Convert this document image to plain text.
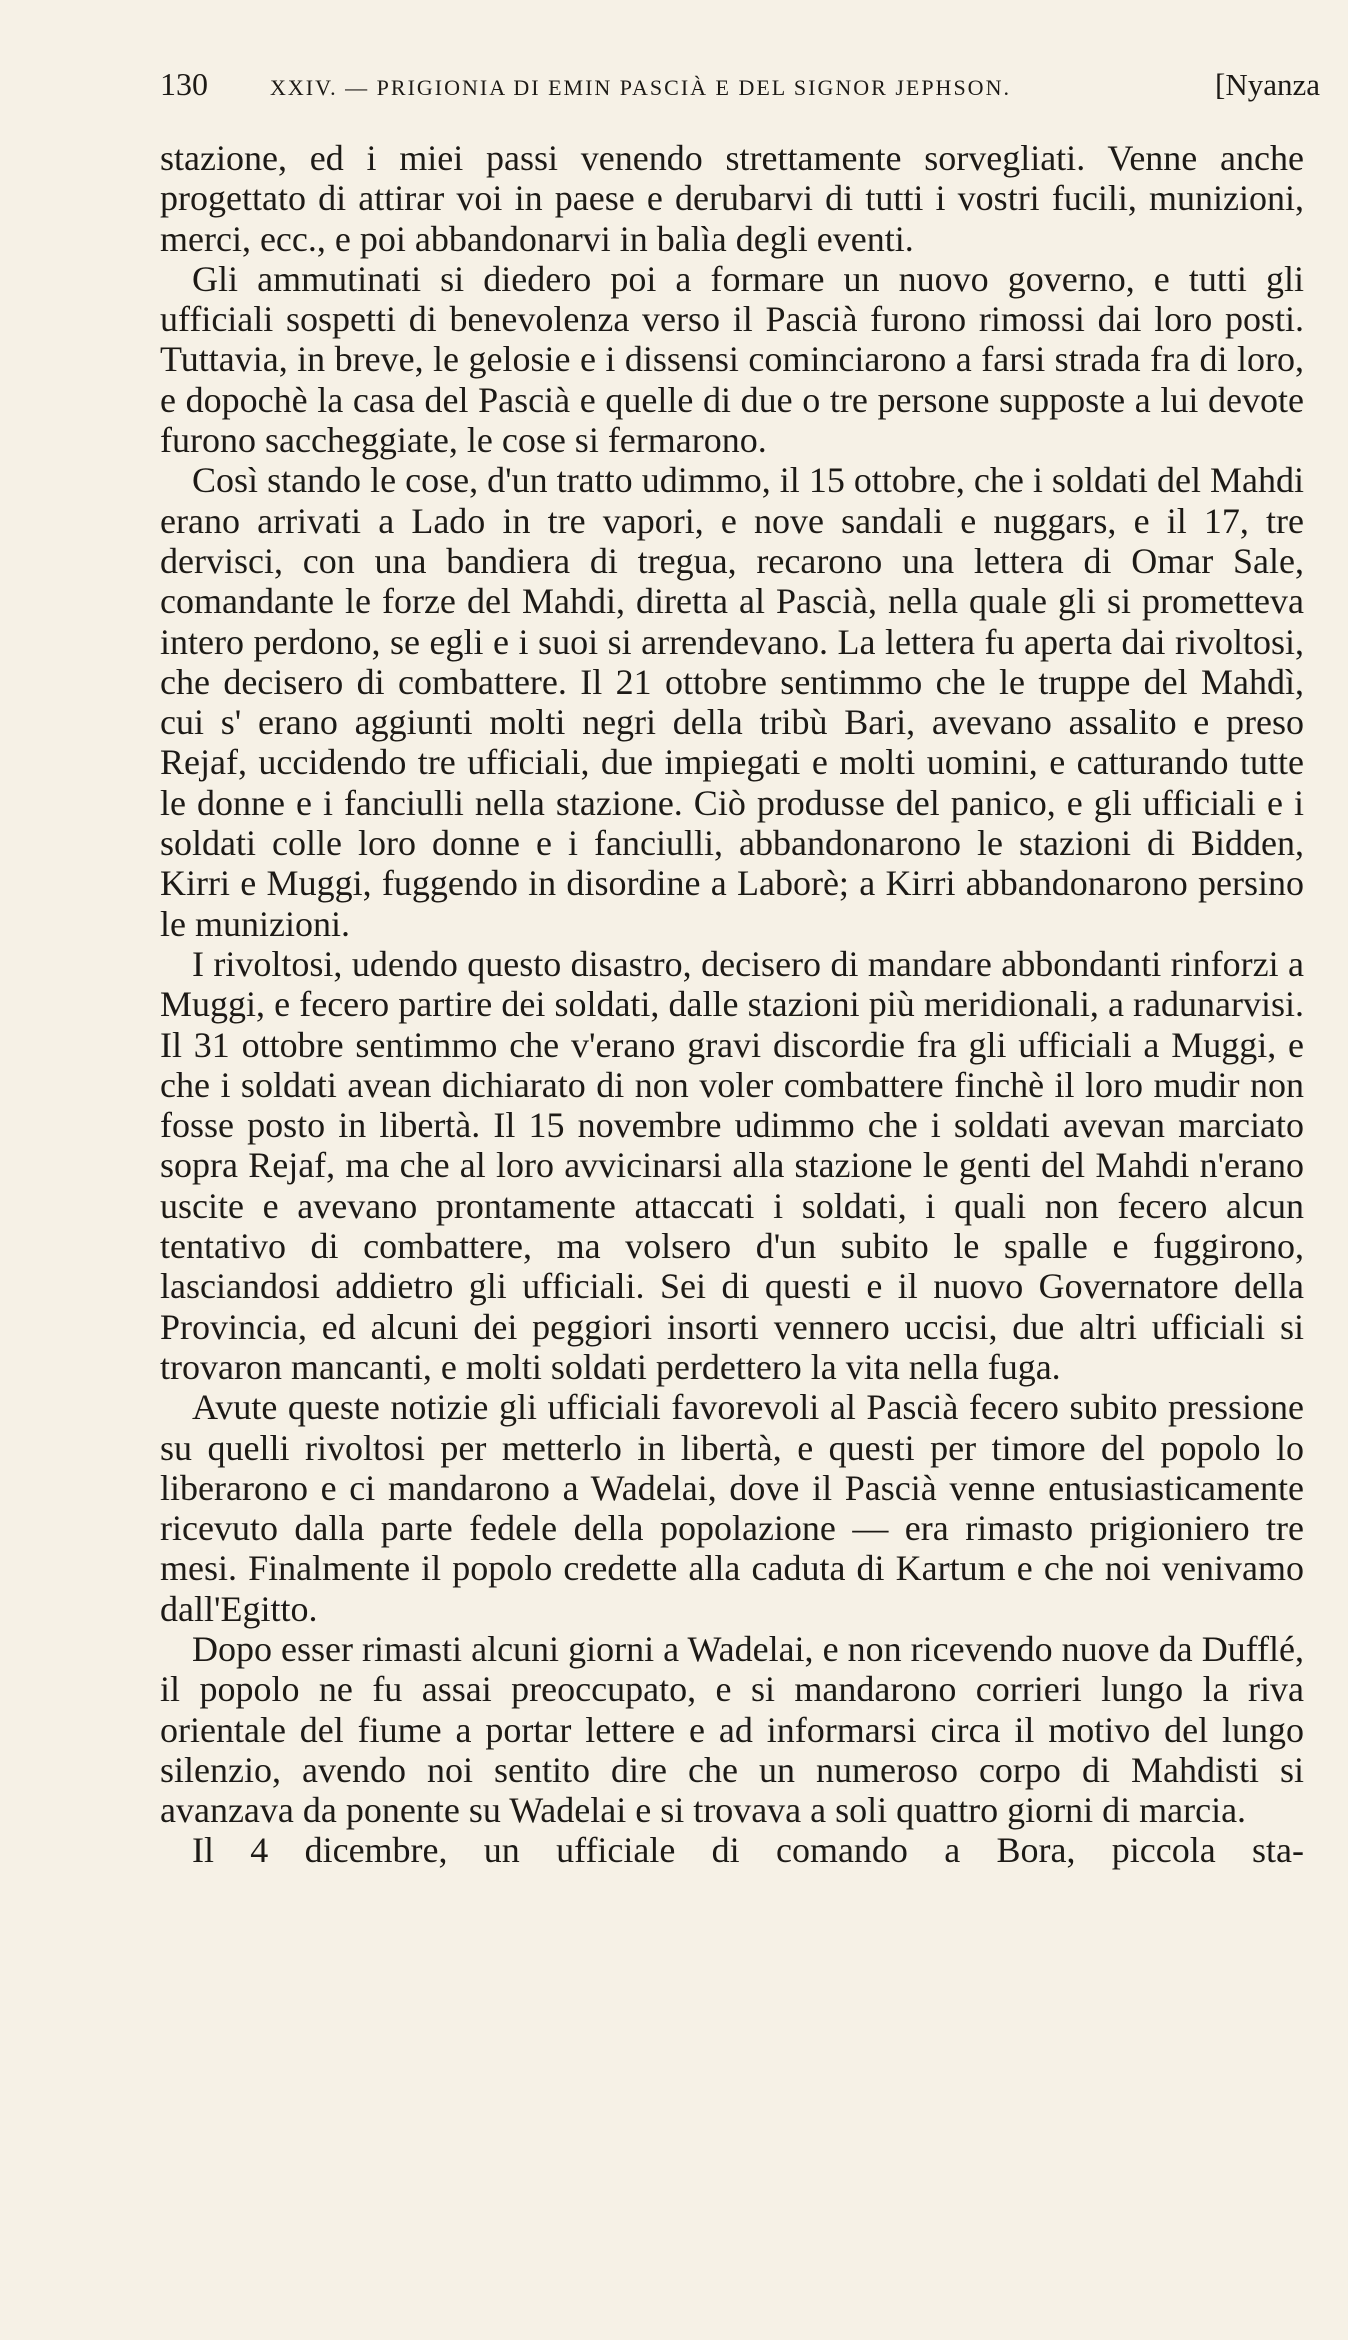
130	XXIV. — PRIGIONIA DI EMIN PASCIÀ E DEL SIGNOR JEPHSON.	[Nyanza

stazione, ed i miei passi venendo strettamente sorvegliati. Venne anche progettato di attirar voi in paese e derubarvi di tutti i vostri fucili, munizioni, merci, ecc., e poi abbandonarvi in balìa degli eventi.

Gli ammutinati si diedero poi a formare un nuovo governo, e tutti gli ufficiali sospetti di benevolenza verso il Pascià furono rimossi dai loro posti. Tuttavia, in breve, le gelosie e i dissensi cominciarono a farsi strada fra di loro, e dopochè la casa del Pascià e quelle di due o tre persone supposte a lui devote furono saccheggiate, le cose si fermarono.

Così stando le cose, d'un tratto udimmo, il 15 ottobre, che i soldati del Mahdi erano arrivati a Lado in tre vapori, e nove sandali e nuggars, e il 17, tre dervisci, con una bandiera di tregua, recarono una lettera di Omar Sale, comandante le forze del Mahdi, diretta al Pascià, nella quale gli si prometteva intero perdono, se egli e i suoi si arrendevano. La lettera fu aperta dai rivoltosi, che decisero di combattere. Il 21 ottobre sentimmo che le truppe del Mahdì, cui s' erano aggiunti molti negri della tribù Bari, avevano assalito e preso Rejaf, uccidendo tre ufficiali, due impiegati e molti uomini, e catturando tutte le donne e i fanciulli nella stazione. Ciò produsse del panico, e gli ufficiali e i soldati colle loro donne e i fanciulli, abbandonarono le stazioni di Bidden, Kirri e Muggi, fuggendo in disordine a Laborè; a Kirri abbandonarono persino le munizioni.

I rivoltosi, udendo questo disastro, decisero di mandare abbondanti rinforzi a Muggi, e fecero partire dei soldati, dalle stazioni più meridionali, a radunarvisi. Il 31 ottobre sentimmo che v'erano gravi discordie fra gli ufficiali a Muggi, e che i soldati avean dichiarato di non voler combattere finchè il loro mudir non fosse posto in libertà. Il 15 novembre udimmo che i soldati avevan marciato sopra Rejaf, ma che al loro avvicinarsi alla stazione le genti del Mahdi n'erano uscite e avevano prontamente attaccati i soldati, i quali non fecero alcun tentativo di combattere, ma volsero d'un subito le spalle e fuggirono, lasciandosi addietro gli ufficiali. Sei di questi e il nuovo Governatore della Provincia, ed alcuni dei peggiori insorti vennero uccisi, due altri ufficiali si trovaron mancanti, e molti soldati perdettero la vita nella fuga.

Avute queste notizie gli ufficiali favorevoli al Pascià fecero subito pressione su quelli rivoltosi per metterlo in libertà, e questi per timore del popolo lo liberarono e ci mandarono a Wadelai, dove il Pascià venne entusiasticamente ricevuto dalla parte fedele della popolazione — era rimasto prigioniero tre mesi. Finalmente il popolo credette alla caduta di Kartum e che noi venivamo dall'Egitto.

Dopo esser rimasti alcuni giorni a Wadelai, e non ricevendo nuove da Dufflé, il popolo ne fu assai preoccupato, e si mandarono corrieri lungo la riva orientale del fiume a portar lettere e ad informarsi circa il motivo del lungo silenzio, avendo noi sentito dire che un numeroso corpo di Mahdisti si avanzava da ponente su Wadelai e si trovava a soli quattro giorni di marcia.

Il 4 dicembre, un ufficiale di comando a Bora, piccola sta-
